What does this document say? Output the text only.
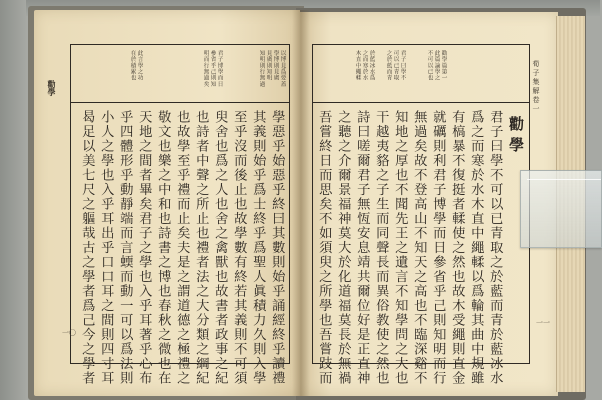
勸學
一〇
以博見爲要蓋
學博則見廣
見廣則知明
知明則行無過
君子博學而日
參省乎己則知
明而行無過矣
此言學之功
在於積累也
學惡乎始惡乎終曰其數則始乎誦經終乎讀禮
其義則始乎爲士終乎爲聖人眞積力久則入學
至乎沒而後止也故學數有終若其義則不可須
臾舍也爲之人也舍之禽獸也故書者政事之紀
也詩者中聲之所止也禮者法之大分類之綱紀
也故學至乎禮而止矣夫是之謂道德之極禮之
敬文也樂之中和也詩書之博也春秋之微也在
天地之間者畢矣君子之學也入乎耳著乎心布
乎四體形乎動靜端而言蝡而動一可以爲法則
小人之學也入乎耳出乎口口耳之間則四寸耳
曷足以美七尺之軀哉古之學者爲己今之學者
荀子集解卷一
一一
勸學篇第一
此篇論學之
不可以已也
君子曰學不
可以已青取
之於藍而青
於藍冰水爲
之而寒於水
木直中繩輮
勸學
君子曰學不可以已青取之於藍而青於藍冰水
爲之而寒於水木直中繩輮以爲輪其曲中規雖
有槁暴不復挺者輮使之然也故木受繩則直金
就礪則利君子博學而日參省乎己則知明而行
無過矣故不登高山不知天之高也不臨深谿不
知地之厚也不聞先王之遺言不知學問之大也
干越夷貉之子生而同聲長而異俗教使之然也
詩曰嗟爾君子無恆安息靖共爾位好是正直神
之聽之介爾景福神莫大於化道福莫長於無禍
吾嘗終日而思矣不如須臾之所學也吾嘗跂而
